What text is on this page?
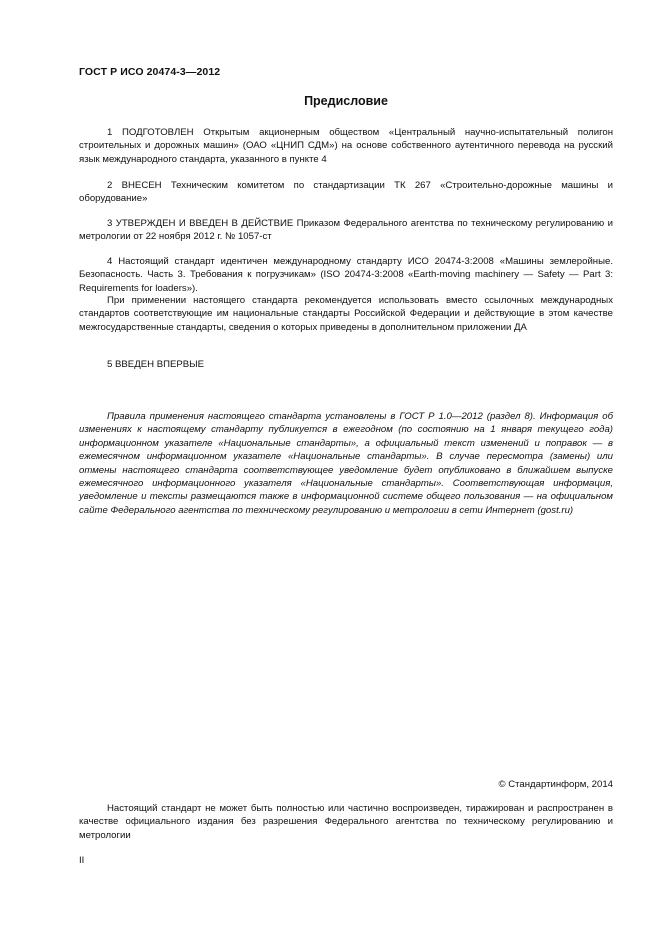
ГОСТ Р ИСО 20474-3—2012
Предисловие

1 ПОДГОТОВЛЕН Открытым акционерным обществом «Центральный научно-испытательный полигон строительных и дорожных машин» (ОАО «ЦНИП СДМ») на основе собственного аутентичного перевода на русский язык международного стандарта, указанного в пункте 4

2 ВНЕСЕН Техническим комитетом по стандартизации ТК 267 «Строительно-дорожные машины и оборудование»

3 УТВЕРЖДЕН И ВВЕДЕН В ДЕЙСТВИЕ Приказом Федерального агентства по техническому регулированию и метрологии от 22 ноября 2012 г. № 1057-ст

4 Настоящий стандарт идентичен международному стандарту ИСО 20474-3:2008 «Машины землеройные. Безопасность. Часть 3. Требования к погрузчикам» (ISO 20474-3:2008 «Earth-moving machinery — Safety — Part 3: Requirements for loaders»).

При применении настоящего стандарта рекомендуется использовать вместо ссылочных международных стандартов соответствующие им национальные стандарты Российской Федерации и действующие в этом качестве межгосударственные стандарты, сведения о которых приведены в дополнительном приложении ДА

5 ВВЕДЕН ВПЕРВЫЕ

Правила применения настоящего стандарта установлены в ГОСТ Р 1.0—2012 (раздел 8). Информация об изменениях к настоящему стандарту публикуется в ежегодном (по состоянию на 1 января текущего года) информационном указателе «Национальные стандарты», а официальный текст изменений и поправок — в ежемесячном информационном указателе «Национальные стандарты». В случае пересмотра (замены) или отмены настоящего стандарта соответствующее уведомление будет опубликовано в ближайшем выпуске ежемесячного информационного указателя «Национальные стандарты». Соответствующая информация, уведомление и тексты размещаются также в информационной системе общего пользования — на официальном сайте Федерального агентства по техническому регулированию и метрологии в сети Интернет (gost.ru)

© Стандартинформ, 2014

Настоящий стандарт не может быть полностью или частично воспроизведен, тиражирован и распространен в качестве официального издания без разрешения Федерального агентства по техническому регулированию и метрологии

II
